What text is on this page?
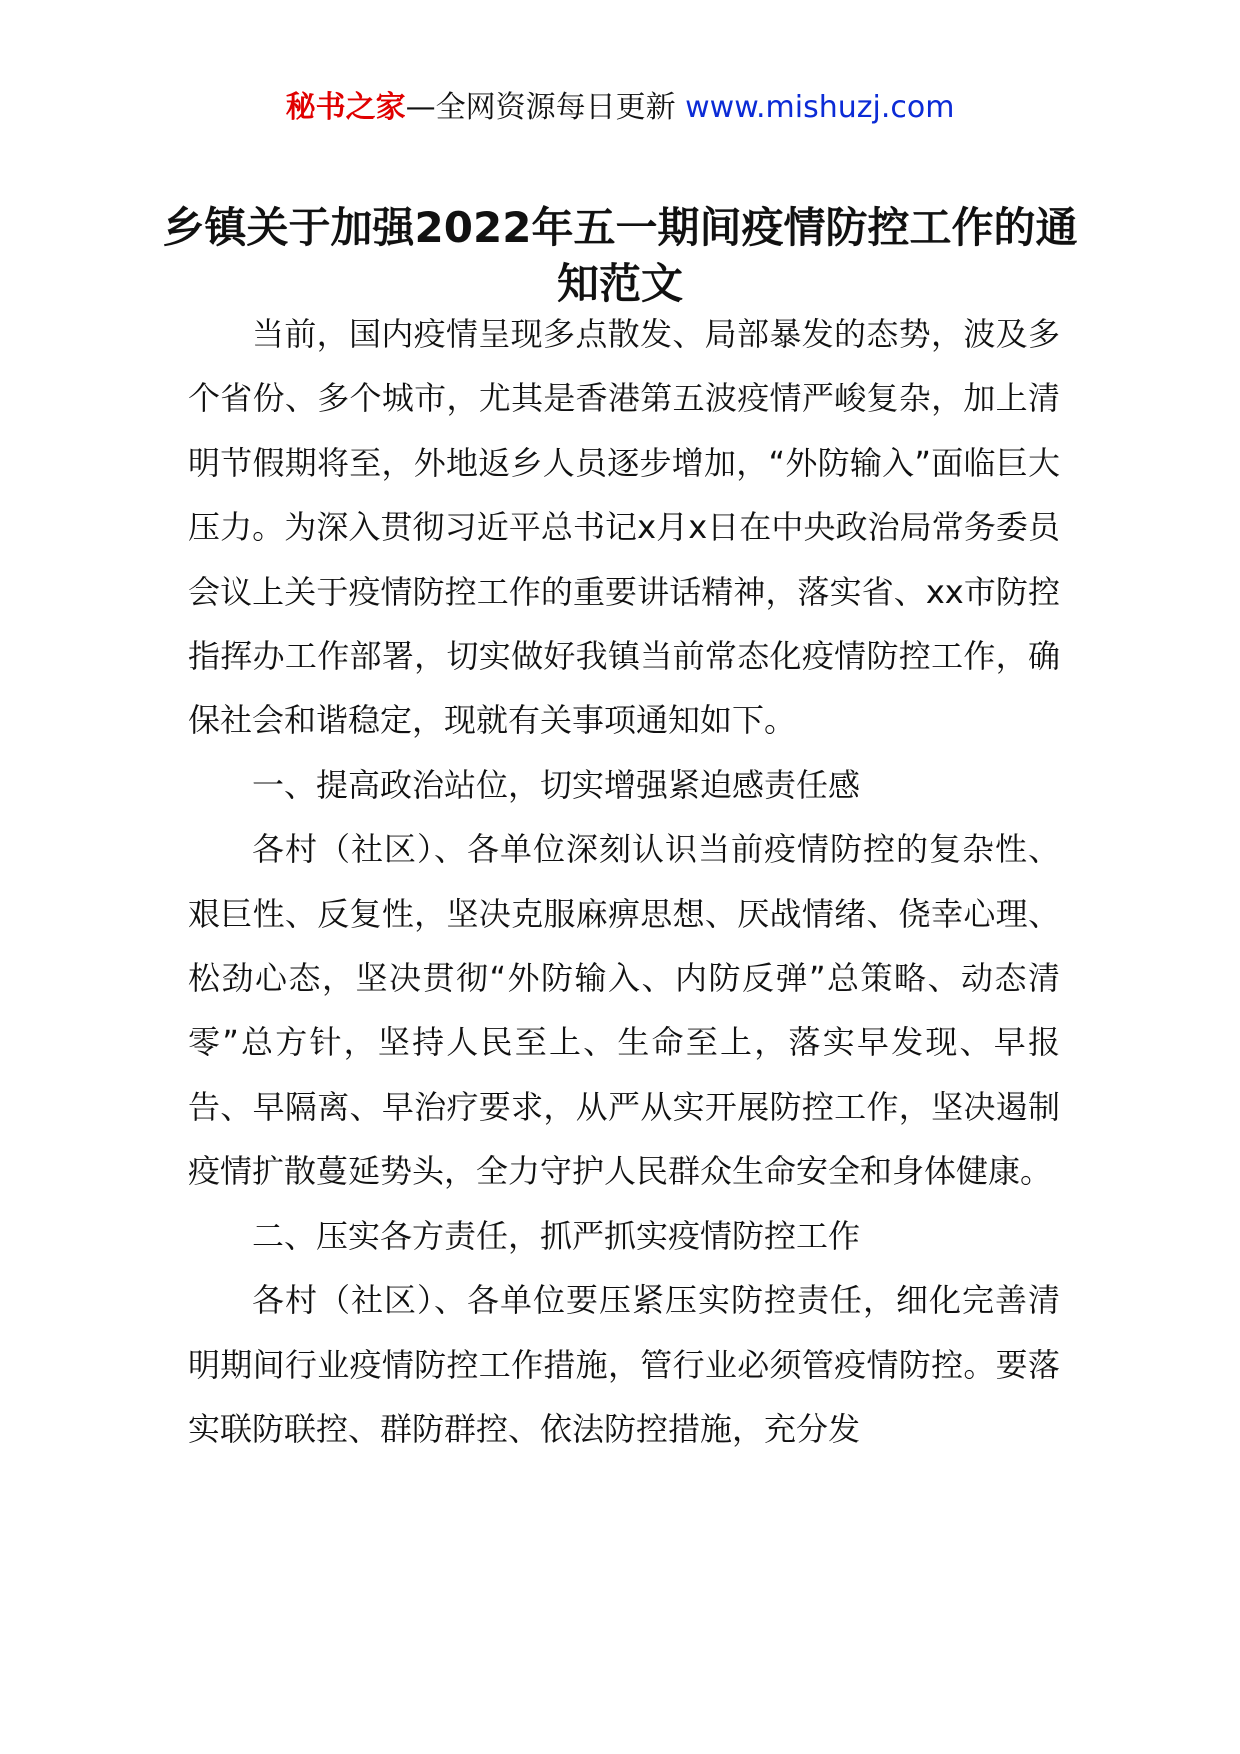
秘书之家—全网资源每日更新 www.mishuzj.com
乡镇关于加强2022年五一期间疫情防控工作的通知范文

当前，国内疫情呈现多点散发、局部暴发的态势，波及多个省份、多个城市，尤其是香港第五波疫情严峻复杂，加上清明节假期将至，外地返乡人员逐步增加，“外防输入”面临巨大压力。为深入贯彻习近平总书记x月x日在中央政治局常务委员会议上关于疫情防控工作的重要讲话精神，落实省、xx市防控指挥办工作部署，切实做好我镇当前常态化疫情防控工作，确保社会和谐稳定，现就有关事项通知如下。

一、提高政治站位，切实增强紧迫感责任感

各村（社区）、各单位深刻认识当前疫情防控的复杂性、艰巨性、反复性，坚决克服麻痹思想、厌战情绪、侥幸心理、松劲心态，坚决贯彻“外防输入、内防反弹”总策略、动态清零”总方针，坚持人民至上、生命至上，落实早发现、早报告、早隔离、早治疗要求，从严从实开展防控工作，坚决遏制疫情扩散蔓延势头，全力守护人民群众生命安全和身体健康。

二、压实各方责任，抓严抓实疫情防控工作

各村（社区）、各单位要压紧压实防控责任，细化完善清明期间行业疫情防控工作措施，管行业必须管疫情防控。要落实联防联控、群防群控、依法防控措施，充分发
